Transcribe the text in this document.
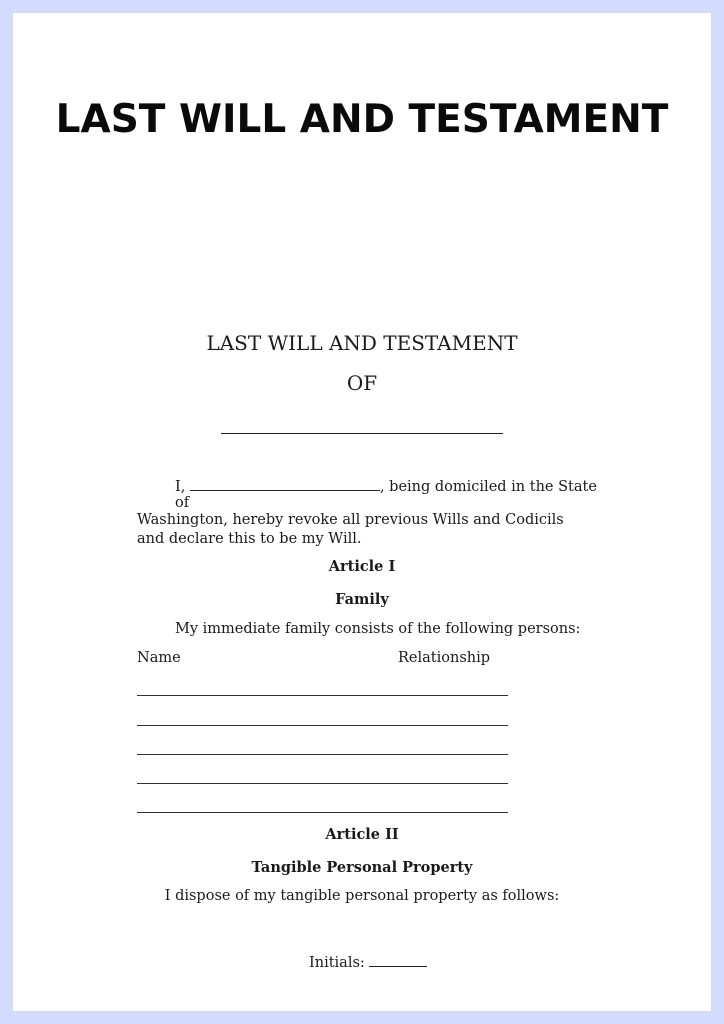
LAST WILL AND TESTAMENT
LAST WILL AND TESTAMENT
OF
I,	, being domiciled in the State
of
Washington, hereby revoke all previous Wills and Codicils
and declare this to be my Will.
Article I
Family
My immediate family consists of the following persons:
Name	Relationship
Article II
Tangible Personal Property
I dispose of my tangible personal property as follows:
Initials:
